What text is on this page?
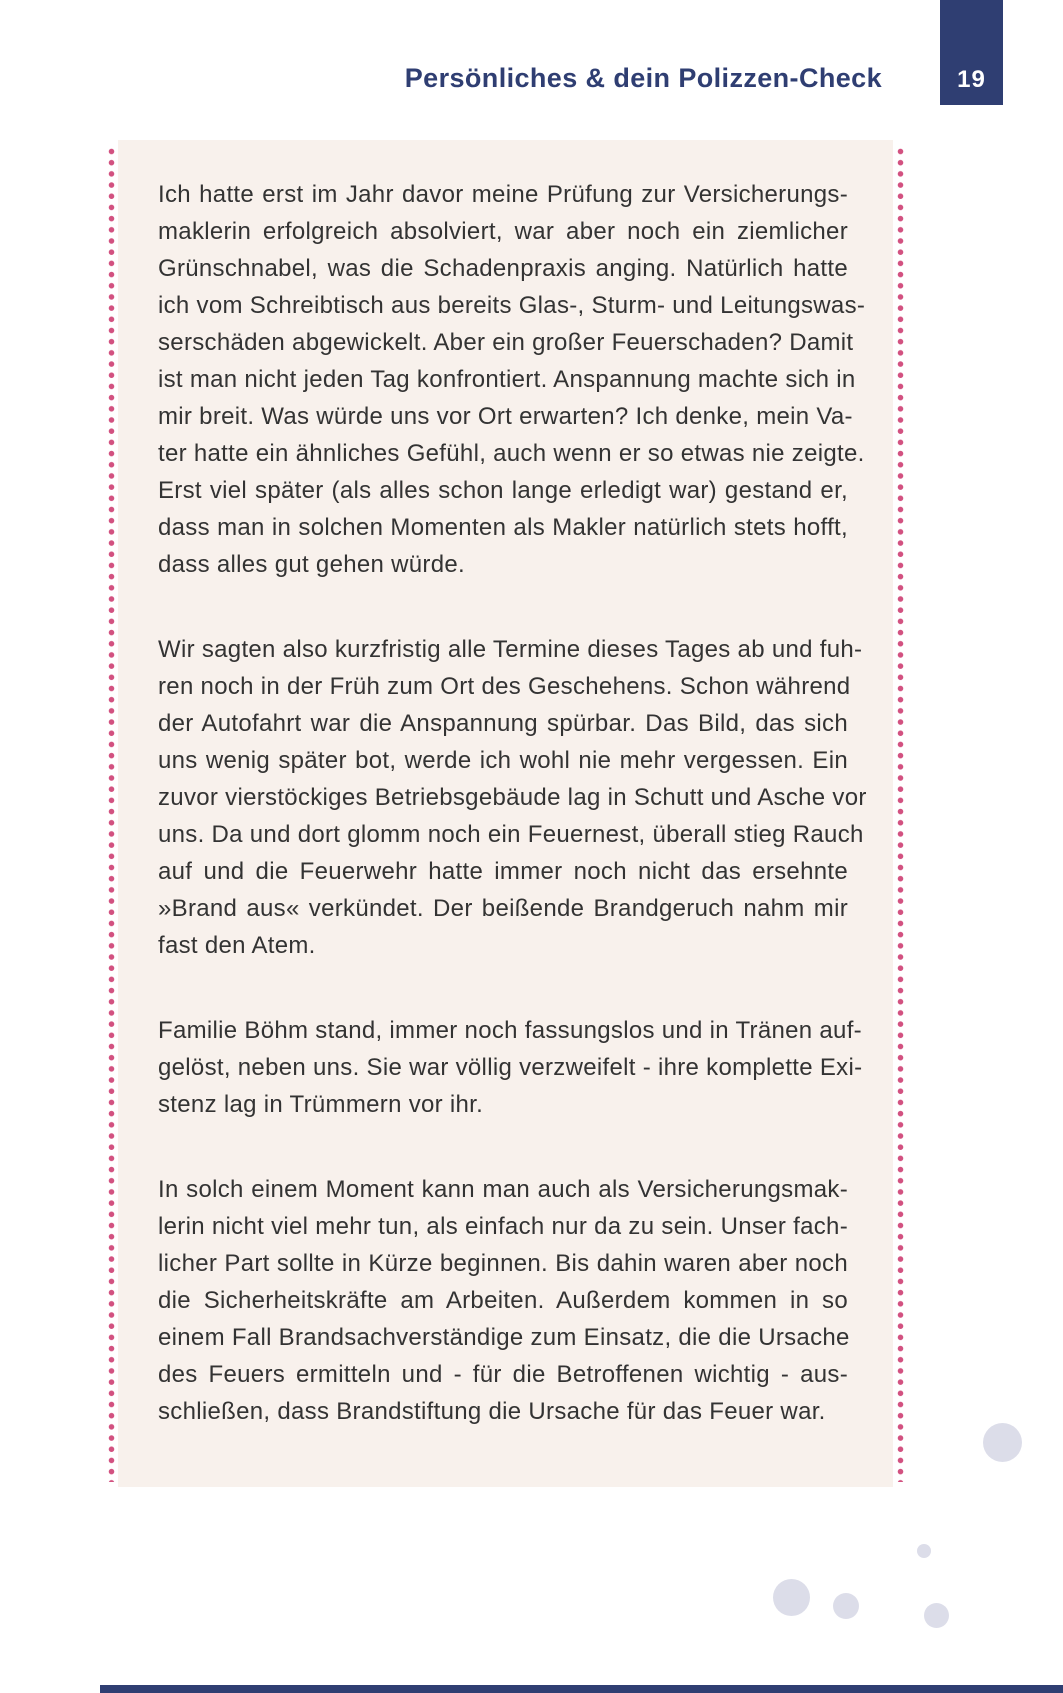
Persönliches & dein Polizzen-Check	19
Ich hatte erst im Jahr davor meine Prüfung zur Versicherungs-
maklerin erfolgreich absolviert, war aber noch ein ziemlicher
Grünschnabel, was die Schadenpraxis anging. Natürlich hatte
ich vom Schreibtisch aus bereits Glas-, Sturm- und Leitungswas-
serschäden abgewickelt. Aber ein großer Feuerschaden? Damit
ist man nicht jeden Tag konfrontiert. Anspannung machte sich in
mir breit. Was würde uns vor Ort erwarten? Ich denke, mein Va-
ter hatte ein ähnliches Gefühl, auch wenn er so etwas nie zeigte.
Erst viel später (als alles schon lange erledigt war) gestand er,
dass man in solchen Momenten als Makler natürlich stets hofft,
dass alles gut gehen würde.
Wir sagten also kurzfristig alle Termine dieses Tages ab und fuh-
ren noch in der Früh zum Ort des Geschehens. Schon während
der Autofahrt war die Anspannung spürbar. Das Bild, das sich
uns wenig später bot, werde ich wohl nie mehr vergessen. Ein
zuvor vierstöckiges Betriebsgebäude lag in Schutt und Asche vor
uns. Da und dort glomm noch ein Feuernest, überall stieg Rauch
auf und die Feuerwehr hatte immer noch nicht das ersehnte
»Brand aus« verkündet. Der beißende Brandgeruch nahm mir
fast den Atem.
Familie Böhm stand, immer noch fassungslos und in Tränen auf-
gelöst, neben uns. Sie war völlig verzweifelt - ihre komplette Exi-
stenz lag in Trümmern vor ihr.
In solch einem Moment kann man auch als Versicherungsmak-
lerin nicht viel mehr tun, als einfach nur da zu sein. Unser fach-
licher Part sollte in Kürze beginnen. Bis dahin waren aber noch
die Sicherheitskräfte am Arbeiten. Außerdem kommen in so
einem Fall Brandsachverständige zum Einsatz, die die Ursache
des Feuers ermitteln und - für die Betroffenen wichtig - aus-
schließen, dass Brandstiftung die Ursache für das Feuer war.
